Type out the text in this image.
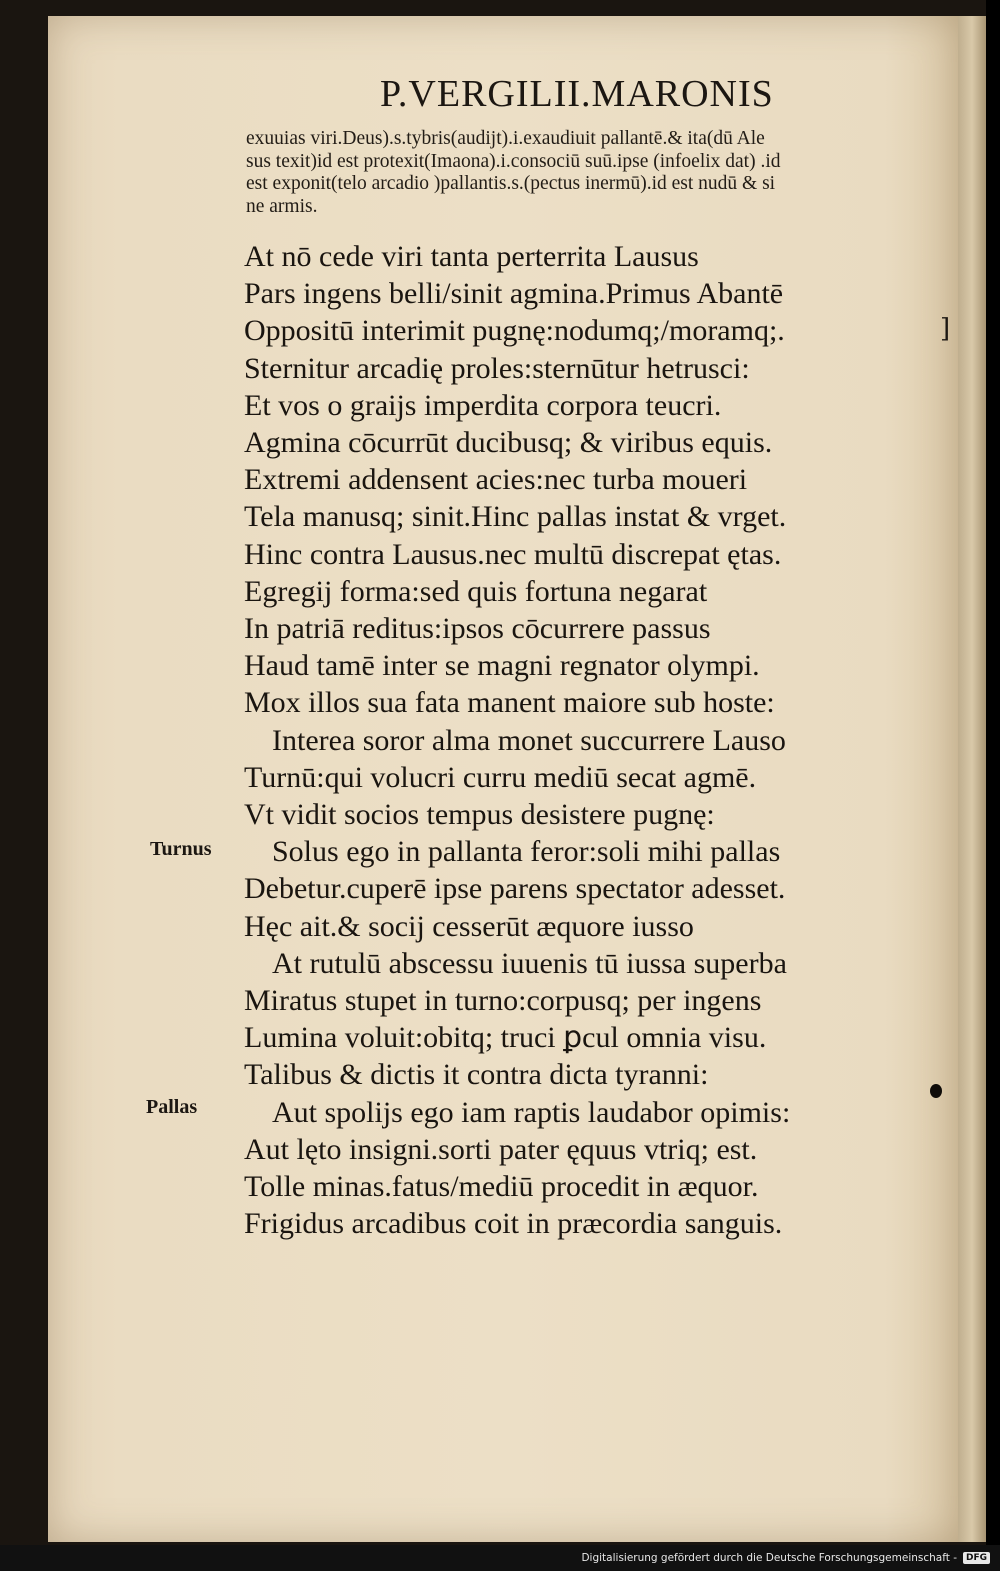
P.VERGILII.MARONIS
exuuias viri.Deus).s.tybris(audijt).i.exaudiuit pallantē.& ita(dū Ale
sus texit)id est protexit(Imaona).i.consociū suū.ipse (infoelix dat) .id
est exponit(telo arcadio )pallantis.s.(pectus inermū).id est nudū & si
ne armis.
At nō cede viri tanta perterrita Lausus
Pars ingens belli/sinit agmina.Primus Abantē
Oppositū interimit pugnę:nodumq;/moramq;.
Sternitur arcadię proles:sternūtur hetrusci:
Et vos o graijs imperdita corpora teucri.
Agmina cōcurrūt ducibusq; & viribus equis.
Extremi addensent acies:nec turba moueri
Tela manusq; sinit.Hinc pallas instat & vrget.
Hinc contra Lausus.nec multū discrepat ętas.
Egregij forma:sed quis fortuna negarat
In patriā reditus:ipsos cōcurrere passus
Haud tamē inter se magni regnator olympi.
Mox illos sua fata manent maiore sub hoste:
Interea soror alma monet succurrere Lauso
Turnū:qui volucri curru mediū secat agmē.
Vt vidit socios tempus desistere pugnę:
Solus ego in pallanta feror:soli mihi pallas
Debetur.cuperē ipse parens spectator adesset.
Hęc ait.& socij cesserūt æquore iusso
At rutulū abscessu iuuenis tū iussa superba
Miratus stupet in turno:corpusq; per ingens
Lumina voluit:obitq; truci ꝑcul omnia visu.
Talibus & dictis it contra dicta tyranni:
Aut spolijs ego iam raptis laudabor opimis:
Aut lęto insigni.sorti pater ęquus vtriq; est.
Tolle minas.fatus/mediū procedit in æquor.
Frigidus arcadibus coit in præcordia sanguis.
Turnus
Pallas
]
Digitalisierung gefördert durch die Deutsche Forschungsgemeinschaft -	DFG
